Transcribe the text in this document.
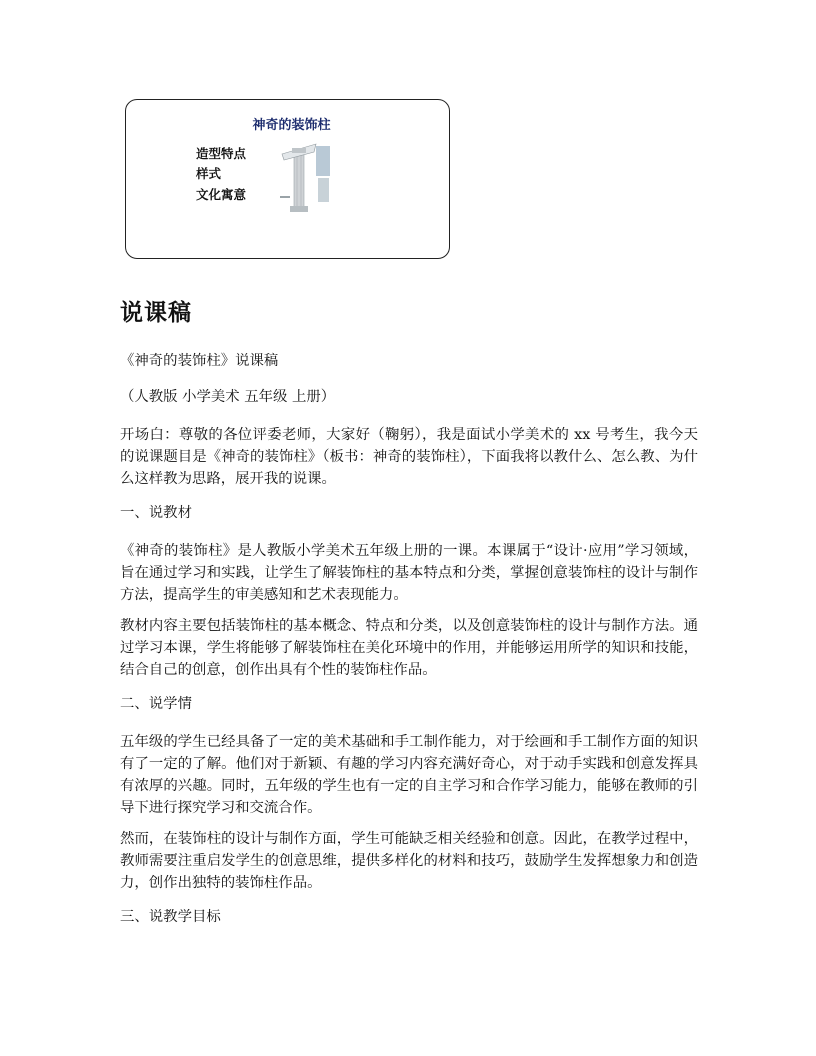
神奇的装饰柱
造型特点
样式
文化寓意
说课稿

《神奇的装饰柱》说课稿

（人教版 小学美术 五年级 上册）

开场白：尊敬的各位评委老师，大家好（鞠躬），我是面试小学美术的 xx 号考生，我今天的说课题目是《神奇的装饰柱》（板书：神奇的装饰柱），下面我将以教什么、怎么教、为什么这样教为思路，展开我的说课。

一、说教材

《神奇的装饰柱》是人教版小学美术五年级上册的一课。本课属于“设计·应用”学习领域，旨在通过学习和实践，让学生了解装饰柱的基本特点和分类，掌握创意装饰柱的设计与制作方法，提高学生的审美感知和艺术表现能力。

教材内容主要包括装饰柱的基本概念、特点和分类，以及创意装饰柱的设计与制作方法。通过学习本课，学生将能够了解装饰柱在美化环境中的作用，并能够运用所学的知识和技能，结合自己的创意，创作出具有个性的装饰柱作品。

二、说学情

五年级的学生已经具备了一定的美术基础和手工制作能力，对于绘画和手工制作方面的知识有了一定的了解。他们对于新颖、有趣的学习内容充满好奇心，对于动手实践和创意发挥具有浓厚的兴趣。同时，五年级的学生也有一定的自主学习和合作学习能力，能够在教师的引导下进行探究学习和交流合作。

然而，在装饰柱的设计与制作方面，学生可能缺乏相关经验和创意。因此，在教学过程中，教师需要注重启发学生的创意思维，提供多样化的材料和技巧，鼓励学生发挥想象力和创造力，创作出独特的装饰柱作品。

三、说教学目标
